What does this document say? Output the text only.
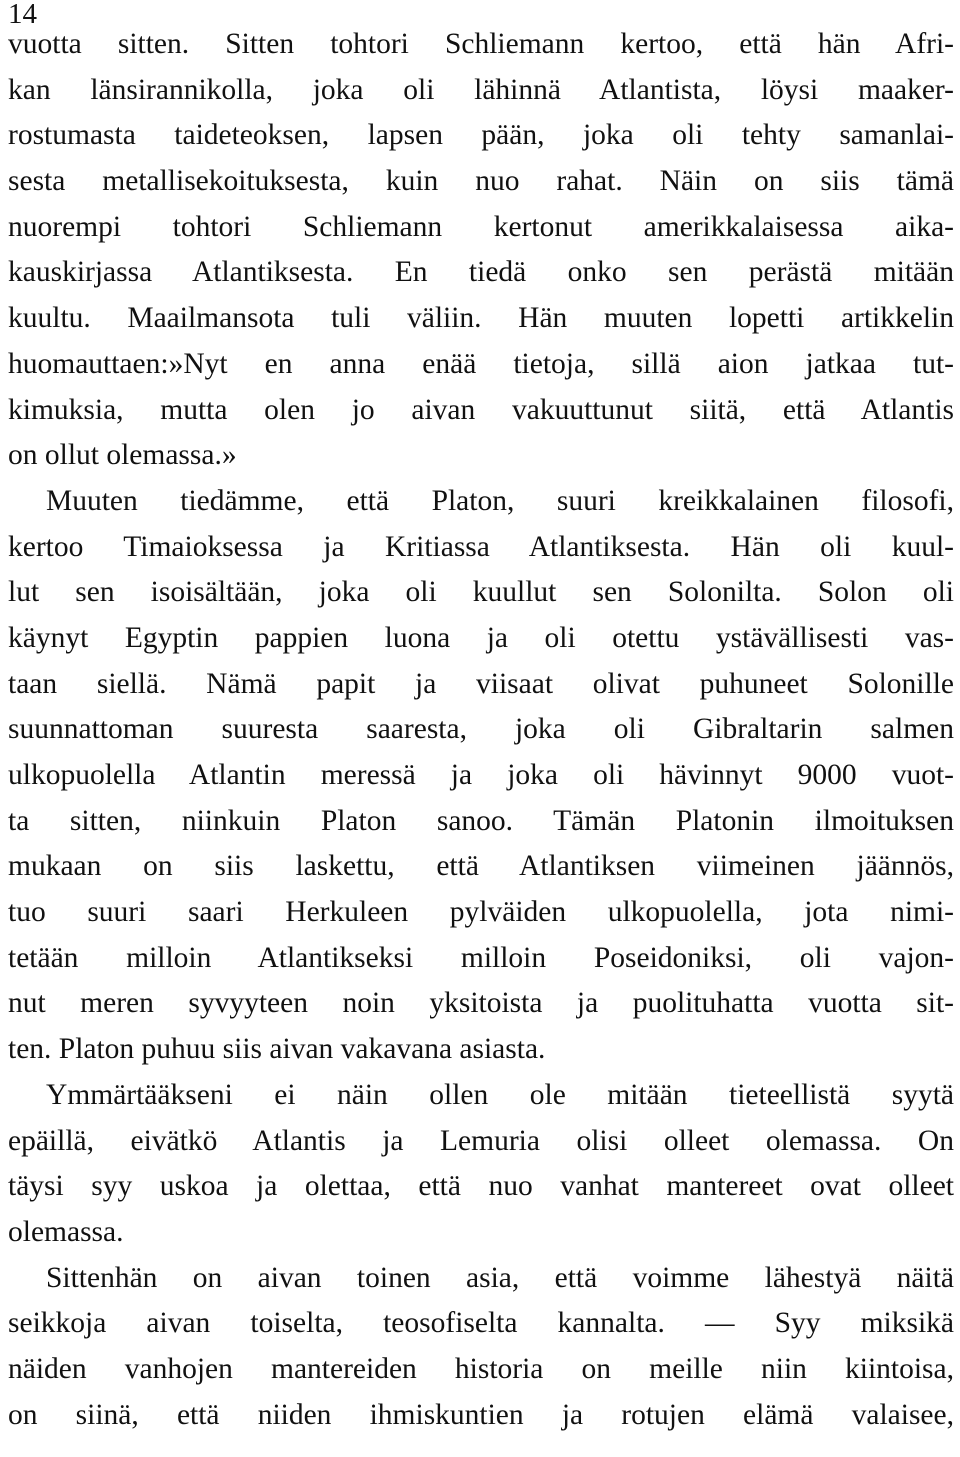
14
vuotta sitten. Sitten tohtori Schliemann kertoo, että hän Afri-
kan länsirannikolla, joka oli lähinnä Atlantista, löysi maaker-
rostumasta taideteoksen, lapsen pään, joka oli tehty samanlai-
sesta metallisekoituksesta, kuin nuo rahat. Näin on siis tämä
nuorempi tohtori Schliemann kertonut amerikkalaisessa aika-
kauskirjassa Atlantiksesta. En tiedä onko sen perästä mitään
kuultu. Maailmansota tuli väliin. Hän muuten lopetti artikkelin
huomauttaen:»Nyt en anna enää tietoja, sillä aion jatkaa tut-
kimuksia, mutta olen jo aivan vakuuttunut siitä, että Atlantis
on ollut olemassa.»
Muuten tiedämme, että Platon, suuri kreikkalainen filosofi,
kertoo Timaioksessa ja Kritiassa Atlantiksesta. Hän oli kuul-
lut sen isoisältään, joka oli kuullut sen Solonilta. Solon oli
käynyt Egyptin pappien luona ja oli otettu ystävällisesti vas-
taan siellä. Nämä papit ja viisaat olivat puhuneet Solonille
suunnattoman suuresta saaresta, joka oli Gibraltarin salmen
ulkopuolella Atlantin meressä ja joka oli hävinnyt 9000 vuot-
ta sitten, niinkuin Platon sanoo. Tämän Platonin ilmoituksen
mukaan on siis laskettu, että Atlantiksen viimeinen jäännös,
tuo suuri saari Herkuleen pylväiden ulkopuolella, jota nimi-
tetään milloin Atlantikseksi milloin Poseidoniksi, oli vajon-
nut meren syvyyteen noin yksitoista ja puolituhatta vuotta sit-
ten. Platon puhuu siis aivan vakavana asiasta.
Ymmärtääkseni ei näin ollen ole mitään tieteellistä syytä
epäillä, eivätkö Atlantis ja Lemuria olisi olleet olemassa. On
täysi syy uskoa ja olettaa, että nuo vanhat mantereet ovat olleet
olemassa.
Sittenhän on aivan toinen asia, että voimme lähestyä näitä
seikkoja aivan toiselta, teosofiselta kannalta. — Syy miksikä
näiden vanhojen mantereiden historia on meille niin kiintoisa,
on siinä, että niiden ihmiskuntien ja rotujen elämä valaisee,
